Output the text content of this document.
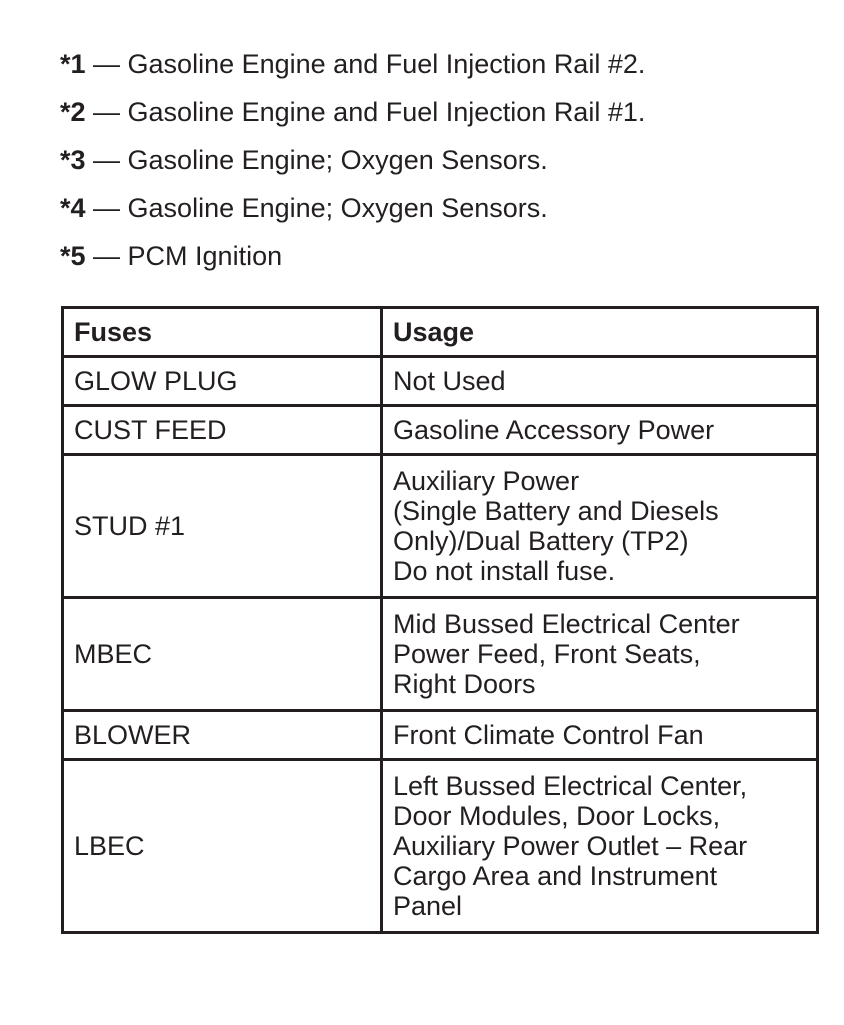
*1 — Gasoline Engine and Fuel Injection Rail #2.
*2 — Gasoline Engine and Fuel Injection Rail #1.
*3 — Gasoline Engine; Oxygen Sensors.
*4 — Gasoline Engine; Oxygen Sensors.
*5 — PCM Ignition
Fuses	Usage
GLOW PLUG	Not Used
CUST FEED	Gasoline Accessory Power
STUD #1	Auxiliary Power
(Single Battery and Diesels
Only)/Dual Battery (TP2)
Do not install fuse.
MBEC	Mid Bussed Electrical Center
Power Feed, Front Seats,
Right Doors
BLOWER	Front Climate Control Fan
LBEC	Left Bussed Electrical Center,
Door Modules, Door Locks,
Auxiliary Power Outlet – Rear
Cargo Area and Instrument
Panel
